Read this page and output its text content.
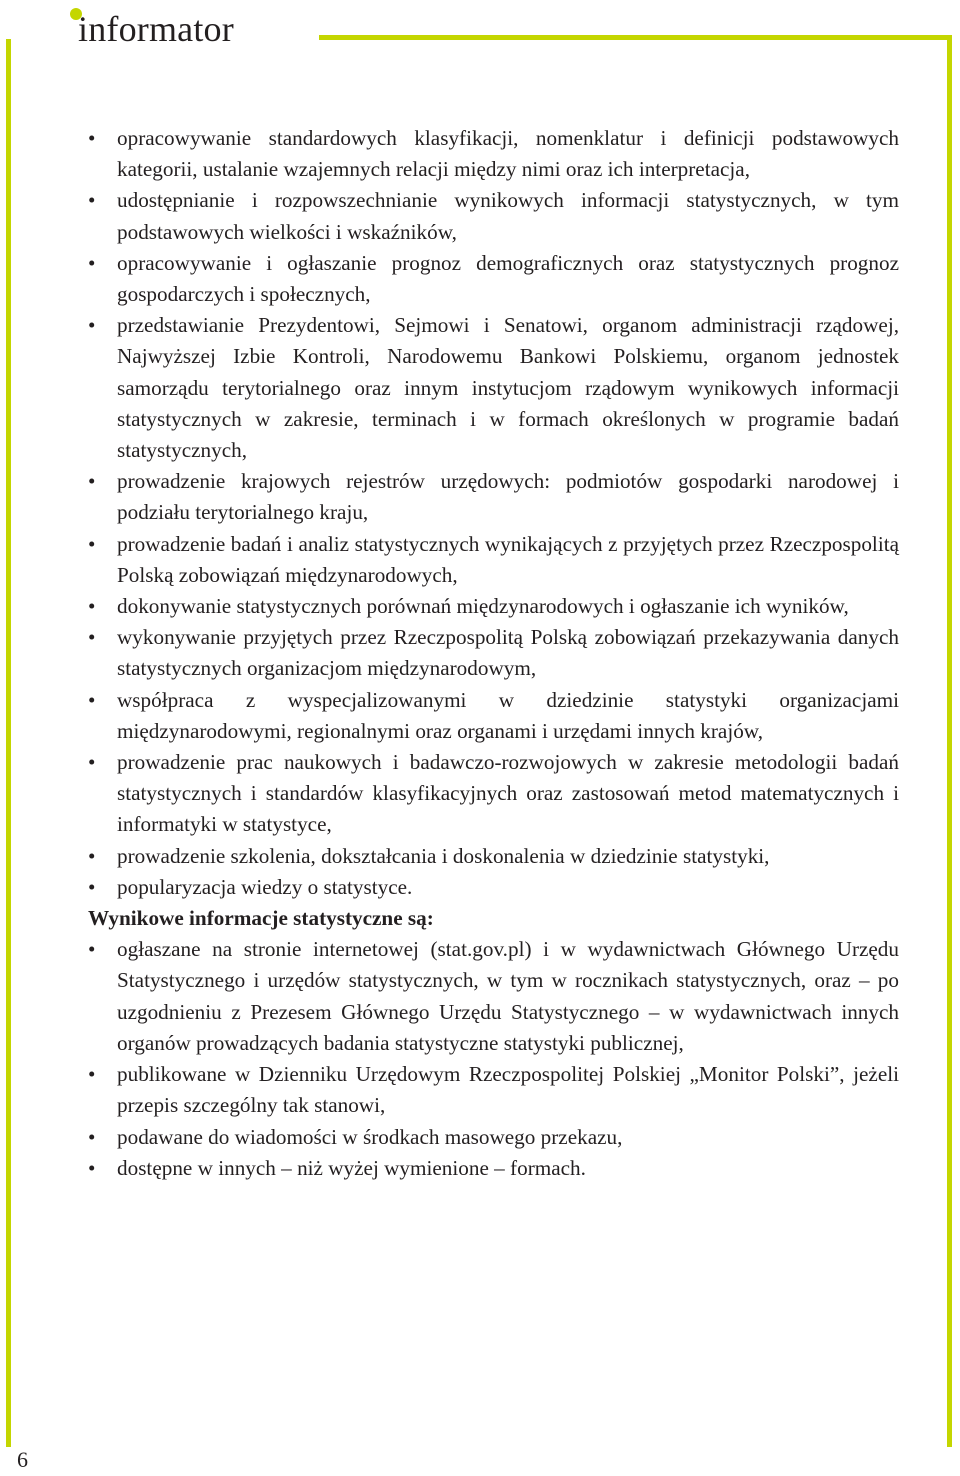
informator
• opracowywanie standardowych klasyfikacji, nomenklatur i definicji podstawowych kategorii, ustalanie wzajemnych relacji między nimi oraz ich interpretacja,
• udostępnianie i rozpowszechnianie wynikowych informacji statystycznych, w tym podstawowych wielkości i wskaźników,
• opracowywanie i ogłaszanie prognoz demograficznych oraz statystycznych prognoz gospodarczych i społecznych,
• przedstawianie Prezydentowi, Sejmowi i Senatowi, organom administracji rządowej, Najwyższej Izbie Kontroli, Narodowemu Bankowi Polskiemu, organom jednostek samorządu terytorialnego oraz innym instytucjom rządowym wynikowych informacji statystycznych w zakresie, terminach i w formach określonych w programie badań statystycznych,
• prowadzenie krajowych rejestrów urzędowych: podmiotów gospodarki narodowej i podziału terytorialnego kraju,
• prowadzenie badań i analiz statystycznych wynikających z przyjętych przez Rzeczpospolitą Polską zobowiązań międzynarodowych,
• dokonywanie statystycznych porównań międzynarodowych i ogłaszanie ich wyników,
• wykonywanie przyjętych przez Rzeczpospolitą Polską zobowiązań przekazywania danych statystycznych organizacjom międzynarodowym,
• współpraca z wyspecjalizowanymi w dziedzinie statystyki organizacjami międzynarodowymi, regionalnymi oraz organami i urzędami innych krajów,
• prowadzenie prac naukowych i badawczo-rozwojowych w zakresie metodologii badań statystycznych i standardów klasyfikacyjnych oraz zastosowań metod matematycznych i informatyki w statystyce,
• prowadzenie szkolenia, dokształcania i doskonalenia w dziedzinie statystyki,
• popularyzacja wiedzy o statystyce.

Wynikowe informacje statystyczne są:

• ogłaszane na stronie internetowej (stat.gov.pl) i w wydawnictwach Głównego Urzędu Statystycznego i urzędów statystycznych, w tym w rocznikach statystycznych, oraz – po uzgodnieniu z Prezesem Głównego Urzędu Statystycznego – w wydawnictwach innych organów prowadzących badania statystyczne statystyki publicznej,
• publikowane w Dzienniku Urzędowym Rzeczpospolitej Polskiej „Monitor Polski”, jeżeli przepis szczególny tak stanowi,
• podawane do wiadomości w środkach masowego przekazu,
• dostępne w innych – niż wyżej wymienione – formach.
6
